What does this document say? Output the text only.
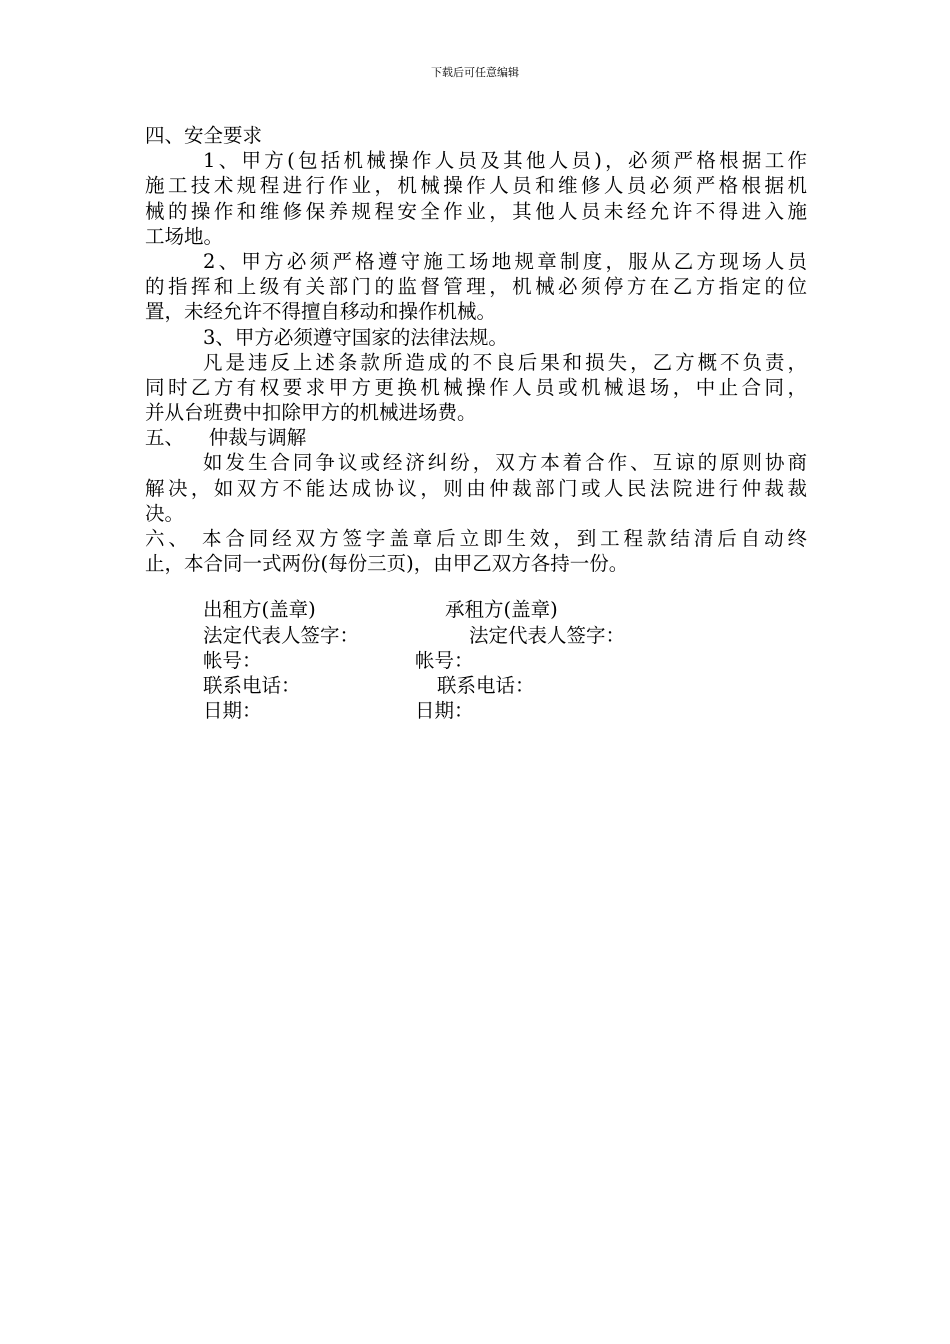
下载后可任意编辑
四、安全要求
1、甲方(包括机械操作人员及其他人员)，必须严格根据工作
施工技术规程进行作业，机械操作人员和维修人员必须严格根据机
械的操作和维修保养规程安全作业，其他人员未经允许不得进入施
工场地。
2、甲方必须严格遵守施工场地规章制度，服从乙方现场人员
的指挥和上级有关部门的监督管理，机械必须停方在乙方指定的位
置，未经允许不得擅自移动和操作机械。
3、甲方必须遵守国家的法律法规。
凡是违反上述条款所造成的不良后果和损失，乙方概不负责，
同时乙方有权要求甲方更换机械操作人员或机械退场，中止合同，
并从台班费中扣除甲方的机械进场费。
五、    仲裁与调解
如发生合同争议或经济纠纷，双方本着合作、互谅的原则协商
解决，如双方不能达成协议，则由仲裁部门或人民法院进行仲裁裁
决。
六、 本合同经双方签字盖章后立即生效，到工程款结清后自动终
止，本合同一式两份(每份三页)，由甲乙双方各持一份。
出租方(盖章)	承租方(盖章)
法定代表人签字：	法定代表人签字：
帐号：	帐号：
联系电话：	联系电话：
日期：	日期：
